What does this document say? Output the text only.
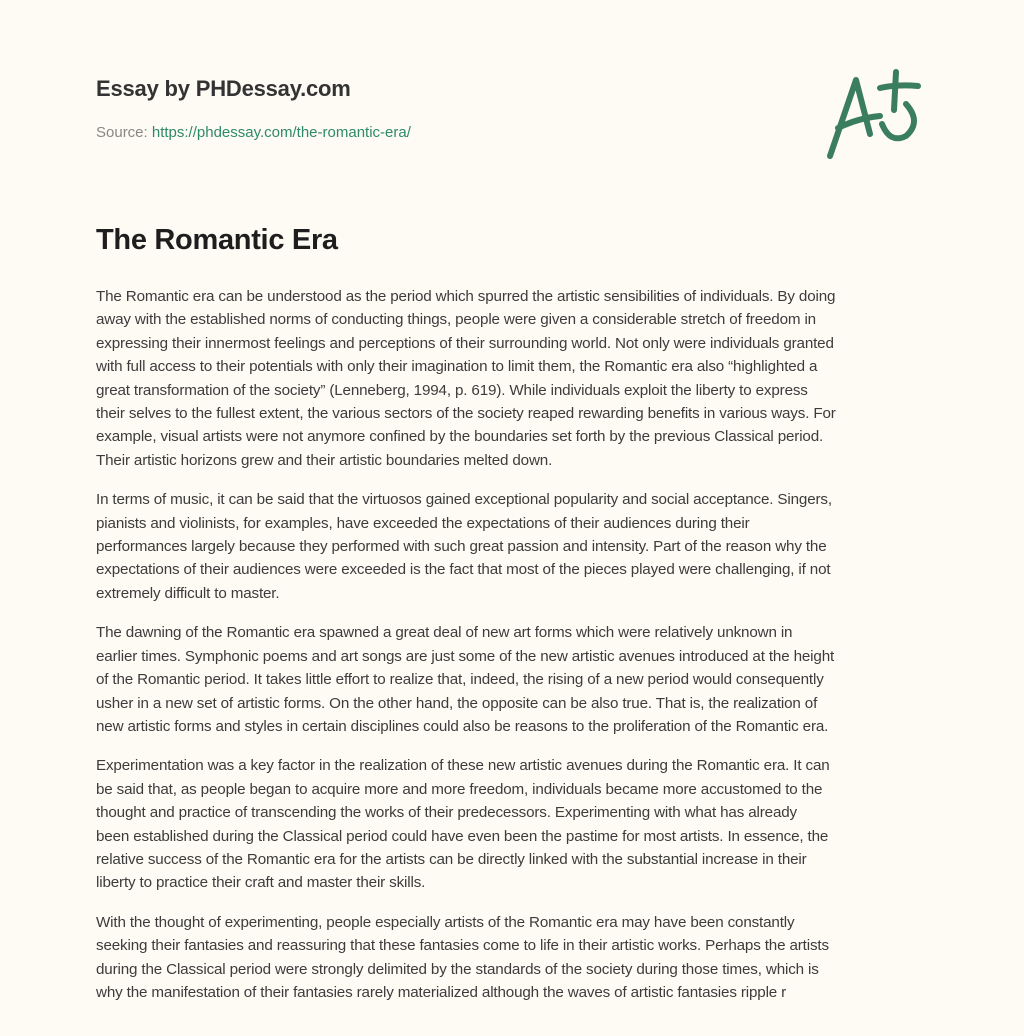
Essay by PHDessay.com
Source: https://phdessay.com/the-romantic-era/
The Romantic Era

The Romantic era can be understood as the period which spurred the artistic sensibilities of individuals. By doing
away with the established norms of conducting things, people were given a considerable stretch of freedom in
expressing their innermost feelings and perceptions of their surrounding world. Not only were individuals granted
with full access to their potentials with only their imagination to limit them, the Romantic era also “highlighted a
great transformation of the society” (Lenneberg, 1994, p. 619). While individuals exploit the liberty to express
their selves to the fullest extent, the various sectors of the society reaped rewarding benefits in various ways. For
example, visual artists were not anymore confined by the boundaries set forth by the previous Classical period.
Their artistic horizons grew and their artistic boundaries melted down.

In terms of music, it can be said that the virtuosos gained exceptional popularity and social acceptance. Singers,
pianists and violinists, for examples, have exceeded the expectations of their audiences during their
performances largely because they performed with such great passion and intensity. Part of the reason why the
expectations of their audiences were exceeded is the fact that most of the pieces played were challenging, if not
extremely difficult to master.

The dawning of the Romantic era spawned a great deal of new art forms which were relatively unknown in
earlier times. Symphonic poems and art songs are just some of the new artistic avenues introduced at the height
of the Romantic period. It takes little effort to realize that, indeed, the rising of a new period would consequently
usher in a new set of artistic forms. On the other hand, the opposite can be also true. That is, the realization of
new artistic forms and styles in certain disciplines could also be reasons to the proliferation of the Romantic era.

Experimentation was a key factor in the realization of these new artistic avenues during the Romantic era. It can
be said that, as people began to acquire more and more freedom, individuals became more accustomed to the
thought and practice of transcending the works of their predecessors. Experimenting with what has already
been established during the Classical period could have even been the pastime for most artists. In essence, the
relative success of the Romantic era for the artists can be directly linked with the substantial increase in their
liberty to practice their craft and master their skills.

With the thought of experimenting, people especially artists of the Romantic era may have been constantly
seeking their fantasies and reassuring that these fantasies come to life in their artistic works. Perhaps the artists
during the Classical period were strongly delimited by the standards of the society during those times, which is
why the manifestation of their fantasies rarely materialized although the waves of artistic fantasies ripple r
